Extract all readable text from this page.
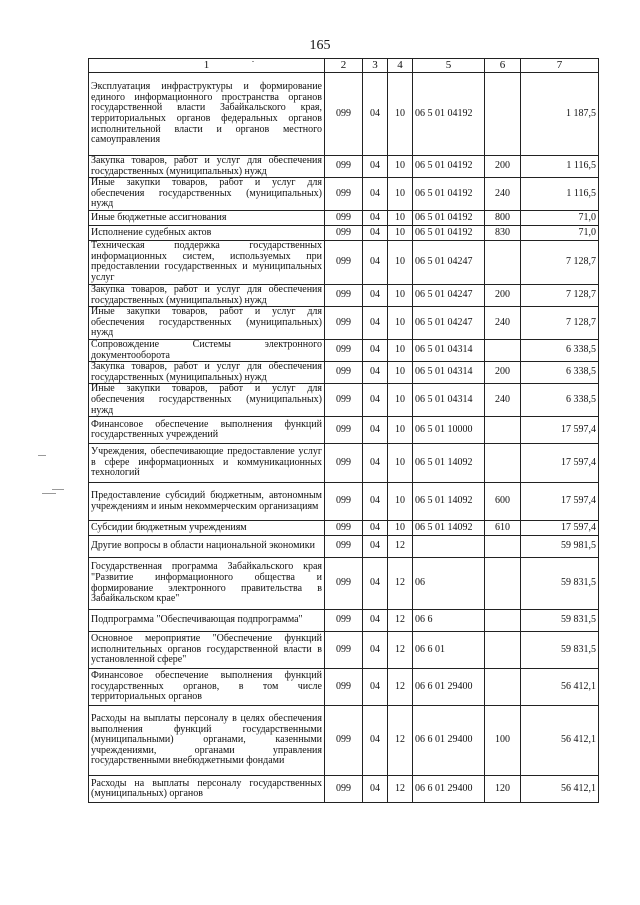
165
1	2	3	4	5	6	7
Эксплуатация инфраструктуры и формирование единого информационного пространства органов государственной власти Забайкальского края, территориальных органов федеральных органов исполнительной власти и органов местного самоуправления	099	04	10	06 5 01 04192		1 187,5
Закупка товаров, работ и услуг для обеспечения государственных (муниципальных) нужд	099	04	10	06 5 01 04192	200	1 116,5
Иные закупки товаров, работ и услуг для обеспечения государственных (муниципальных) нужд	099	04	10	06 5 01 04192	240	1 116,5
Иные бюджетные ассигнования	099	04	10	06 5 01 04192	800	71,0
Исполнение судебных актов	099	04	10	06 5 01 04192	830	71,0
Техническая поддержка государственных информационных систем, используемых при предоставлении государственных и муниципальных услуг	099	04	10	06 5 01 04247		7 128,7
Закупка товаров, работ и услуг для обеспечения государственных (муниципальных) нужд	099	04	10	06 5 01 04247	200	7 128,7
Иные закупки товаров, работ и услуг для обеспечения государственных (муниципальных) нужд	099	04	10	06 5 01 04247	240	7 128,7
Сопровождение Системы электронного документооборота	099	04	10	06 5 01 04314		6 338,5
Закупка товаров, работ и услуг для обеспечения государственных (муниципальных) нужд	099	04	10	06 5 01 04314	200	6 338,5
Иные закупки товаров, работ и услуг для обеспечения государственных (муниципальных) нужд	099	04	10	06 5 01 04314	240	6 338,5
Финансовое обеспечение выполнения функций государственных учреждений	099	04	10	06 5 01 10000		17 597,4
Учреждения, обеспечивающие предоставление услуг в сфере информационных и коммуникационных технологий	099	04	10	06 5 01 14092		17 597,4
Предоставление субсидий бюджетным, автономным учреждениям и иным некоммерческим организациям	099	04	10	06 5 01 14092	600	17 597,4
Субсидии бюджетным учреждениям	099	04	10	06 5 01 14092	610	17 597,4
Другие вопросы в области национальной экономики	099	04	12			59 981,5
Государственная программа Забайкальского края "Развитие информационного общества и формирование электронного правительства в Забайкальском крае"	099	04	12	06		59 831,5
Подпрограмма "Обеспечивающая подпрограмма"	099	04	12	06 6		59 831,5
Основное мероприятие "Обеспечение функций исполнительных органов государственной власти в установленной сфере"	099	04	12	06 6 01		59 831,5
Финансовое обеспечение выполнения функций государственных органов, в том числе территориальных органов	099	04	12	06 6 01 29400		56 412,1
Расходы на выплаты персоналу в целях обеспечения выполнения функций государственными (муниципальными) органами, казенными учреждениями, органами управления государственными внебюджетными фондами	099	04	12	06 6 01 29400	100	56 412,1
Расходы на выплаты персоналу государственных (муниципальных) органов	099	04	12	06 6 01 29400	120	56 412,1
